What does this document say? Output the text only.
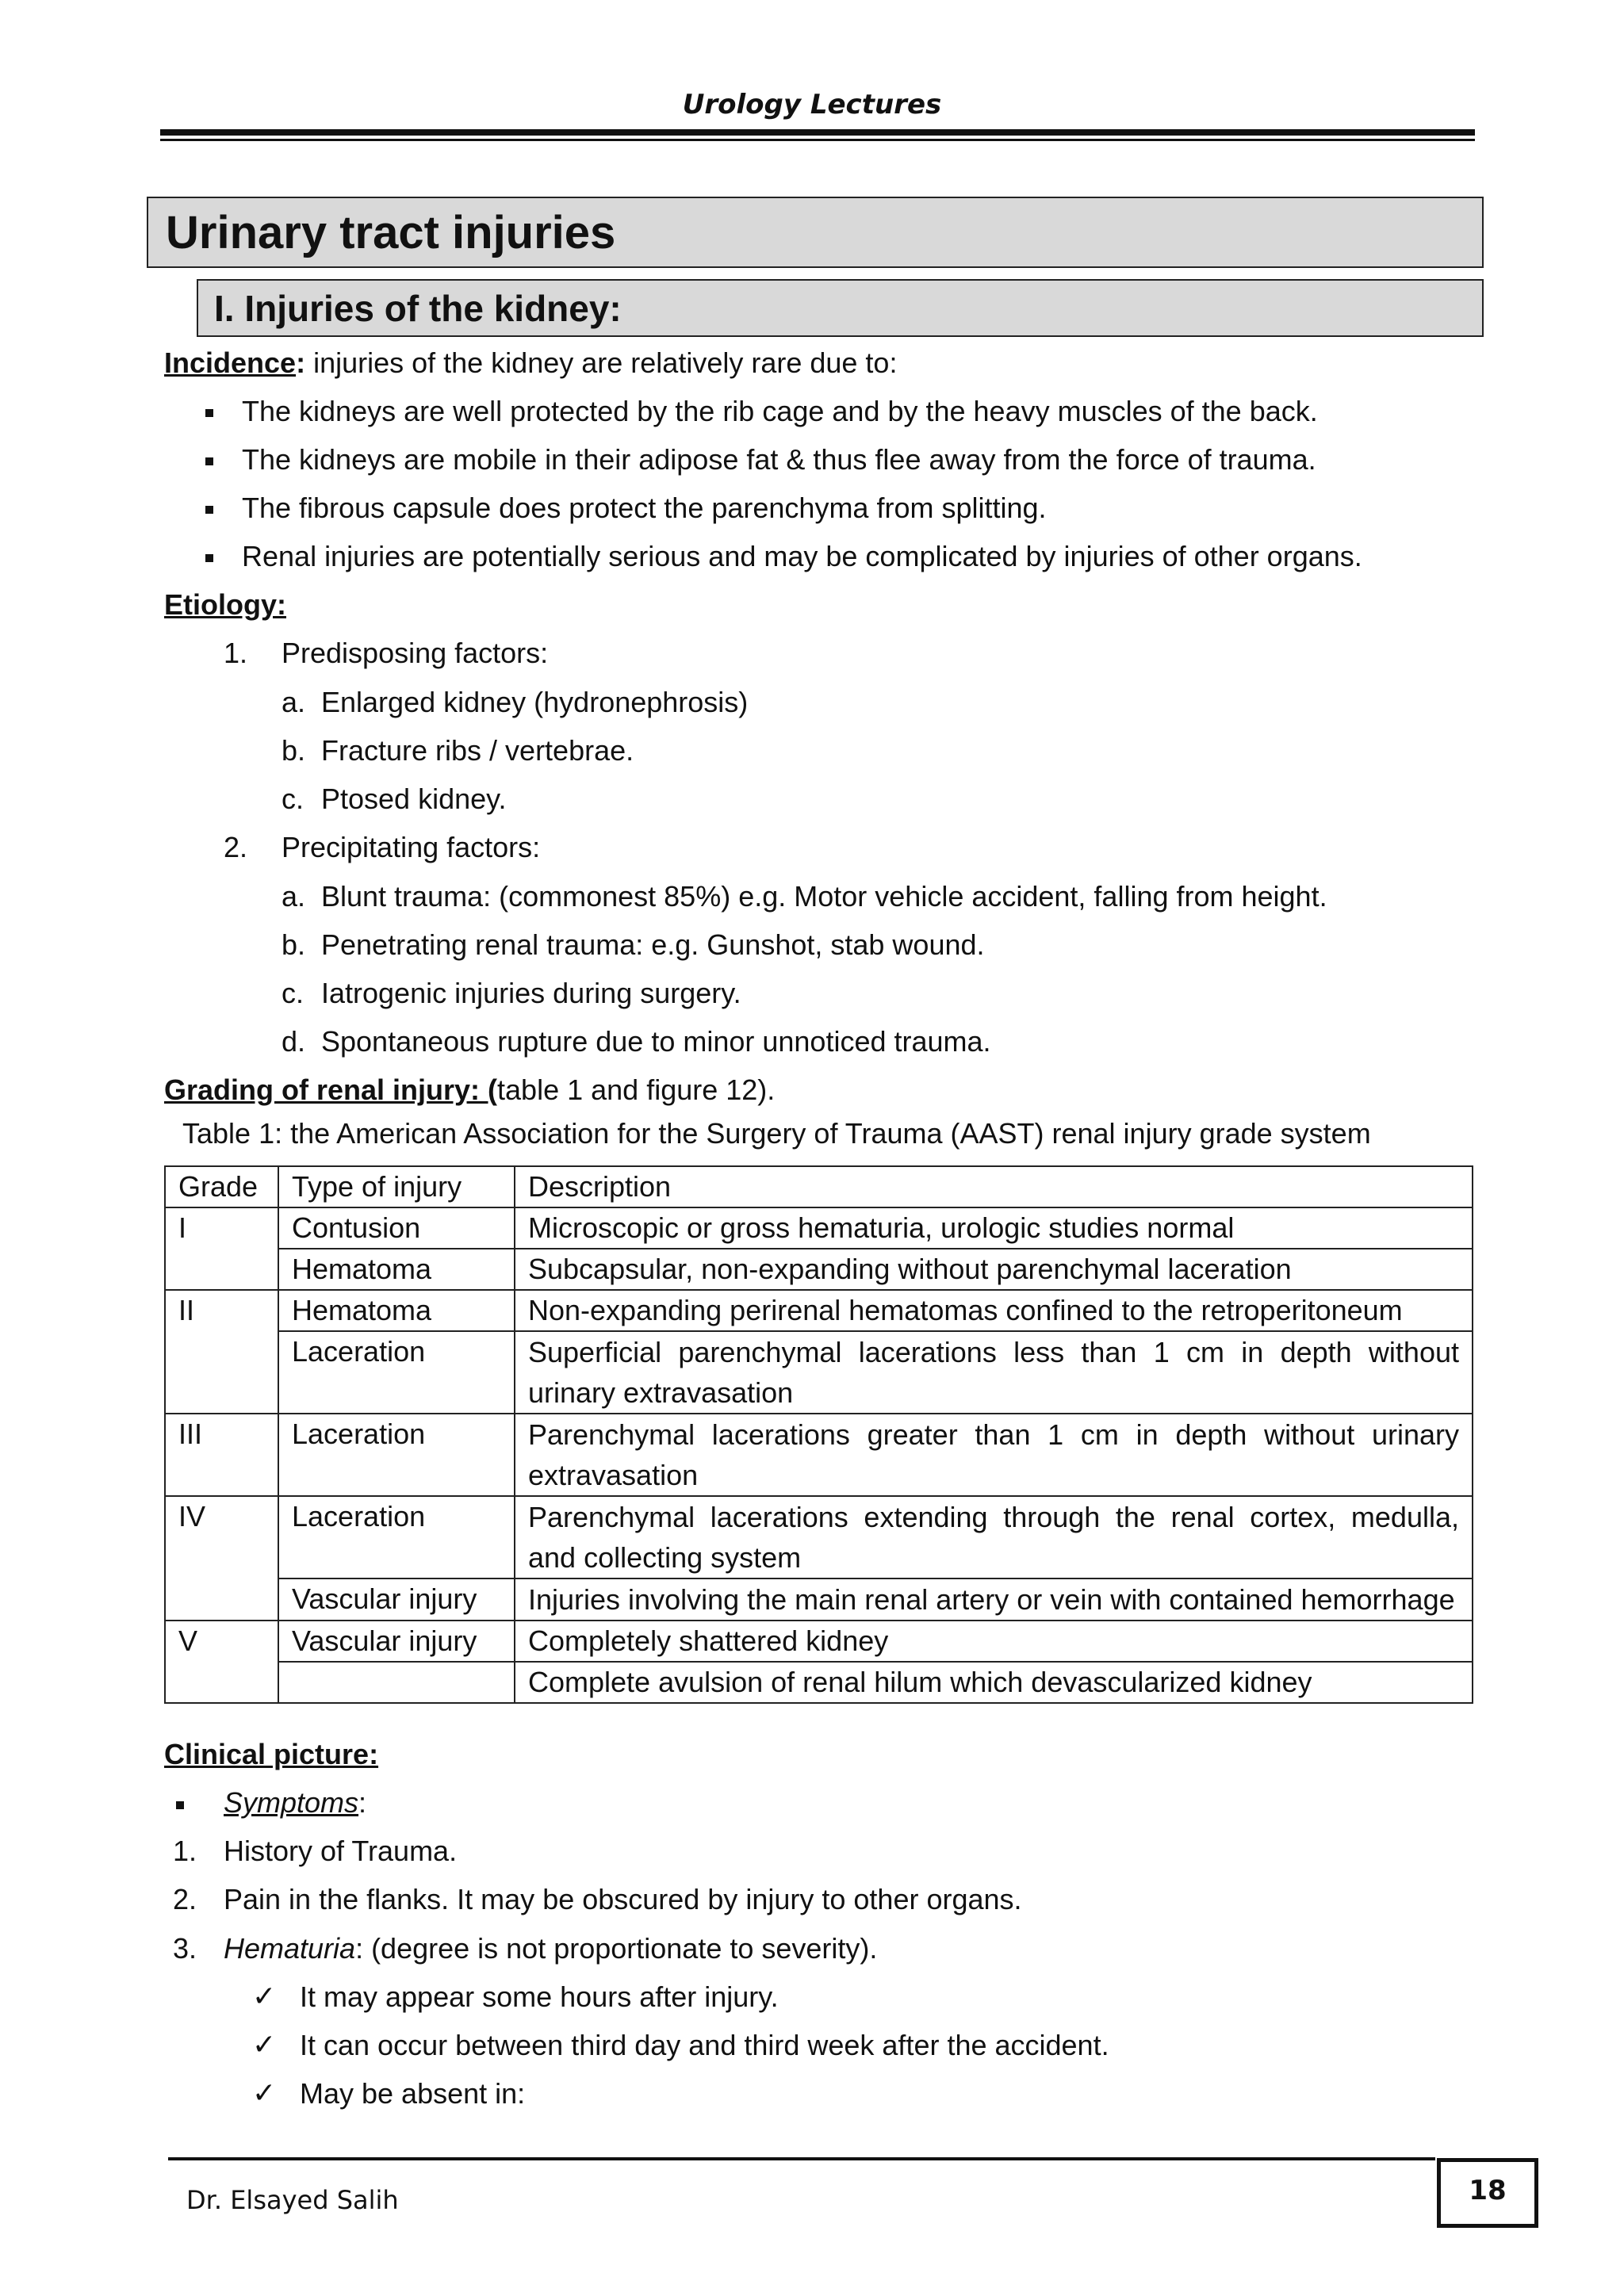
Urology Lectures
Urinary tract injuries
I. Injuries of the kidney:
Incidence: injuries of the kidney are relatively rare due to:
The kidneys are well protected by the rib cage and by the heavy muscles of the back.
The kidneys are mobile in their adipose fat & thus flee away from the force of trauma.
The fibrous capsule does protect the parenchyma from splitting.
Renal injuries are potentially serious and may be complicated by injuries of other organs.
Etiology:
1. Predisposing factors:
a. Enlarged kidney (hydronephrosis)
b. Fracture ribs / vertebrae.
c. Ptosed kidney.
2. Precipitating factors:
a. Blunt trauma: (commonest 85%) e.g. Motor vehicle accident, falling from height.
b. Penetrating renal trauma: e.g. Gunshot, stab wound.
c. Iatrogenic injuries during surgery.
d. Spontaneous rupture due to minor unnoticed trauma.
Grading of renal injury: (table 1 and figure 12).
Table 1: the American Association for the Surgery of Trauma (AAST) renal injury grade system
Grade	Type of injury	Description
I	Contusion	Microscopic or gross hematuria, urologic studies normal
	Hematoma	Subcapsular, non-expanding without parenchymal laceration
II	Hematoma	Non-expanding perirenal hematomas confined to the retroperitoneum
	Laceration	Superficial parenchymal lacerations less than 1 cm in depth without urinary extravasation
III	Laceration	Parenchymal lacerations greater than 1 cm in depth without urinary extravasation
IV	Laceration	Parenchymal lacerations extending through the renal cortex, medulla, and collecting system
	Vascular injury	Injuries involving the main renal artery or vein with contained hemorrhage
V	Vascular injury	Completely shattered kidney
		Complete avulsion of renal hilum which devascularized kidney
Clinical picture:
Symptoms:
1. History of Trauma.
2. Pain in the flanks. It may be obscured by injury to other organs.
3. Hematuria: (degree is not proportionate to severity).
✓ It may appear some hours after injury.
✓ It can occur between third day and third week after the accident.
✓ May be absent in:
Dr. Elsayed Salih	18
